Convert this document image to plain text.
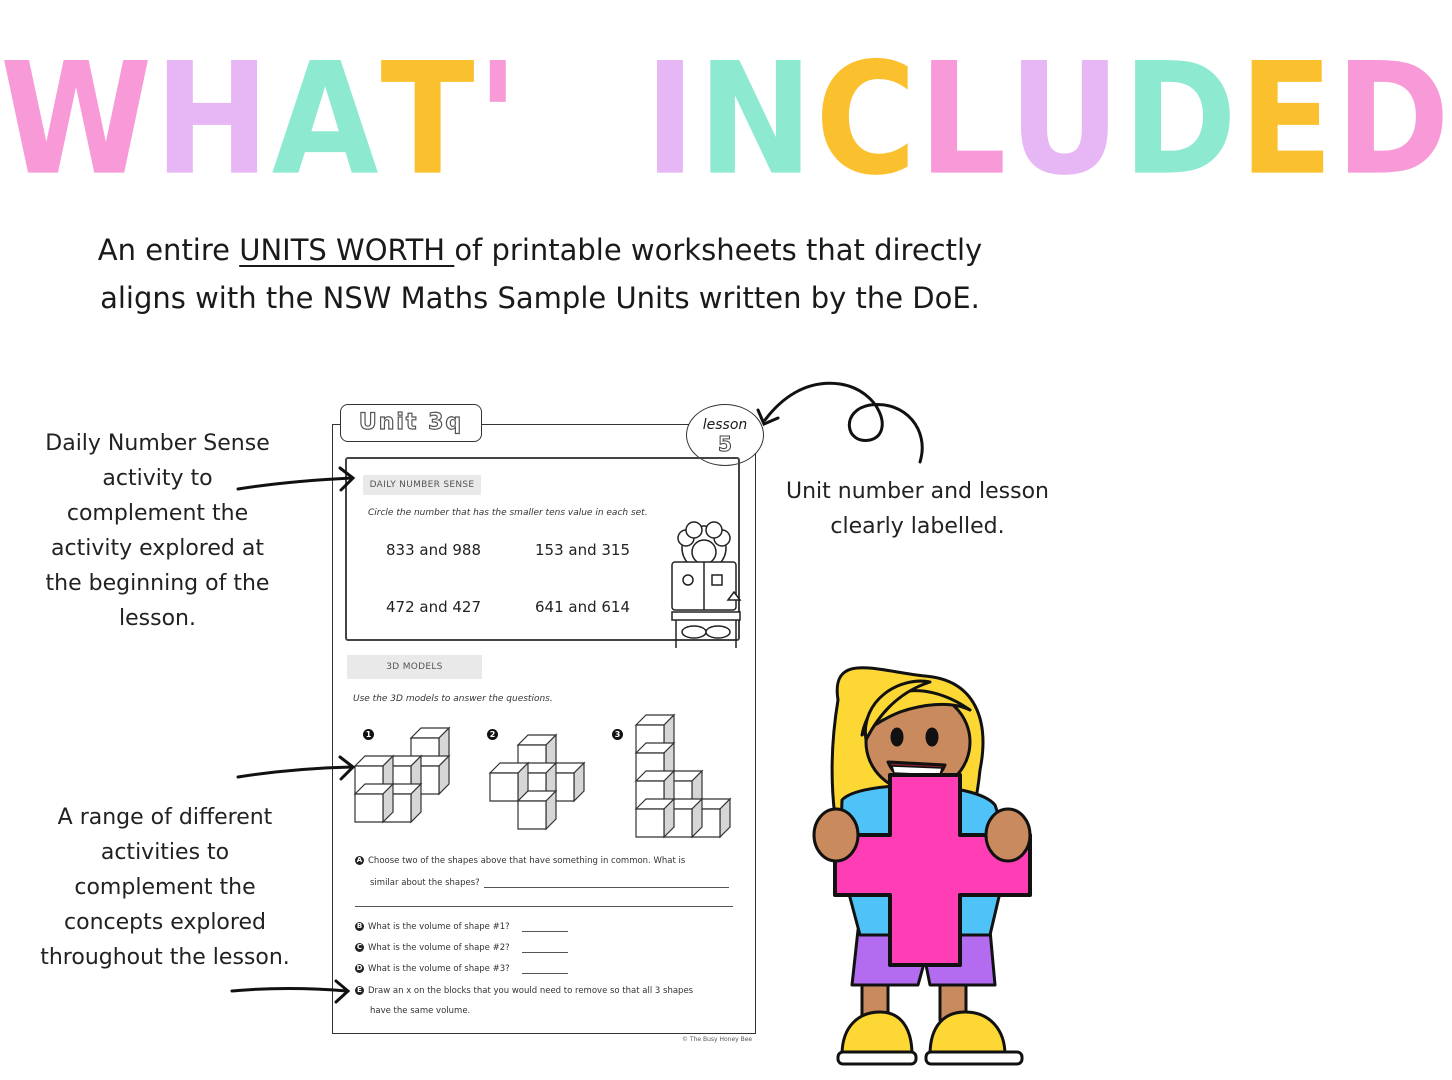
WHAT'S INCLUDED
An entire UNITS WORTH of printable worksheets that directly aligns with the NSW Maths Sample Units written by the DoE.
Daily Number Sense activity to complement the activity explored at the beginning of the lesson.
Unit number and lesson clearly labelled.
A range of different activities to complement the concepts explored throughout the lesson.
Unit 3q	lesson
5
DAILY NUMBER SENSE
Circle the number that has the smaller tens value in each set.
833 and 988	153 and 315
472 and 427	641 and 614
3D MODELS
Use the 3D models to answer the questions.
1	2	3
A Choose two of the shapes above that have something in common. What is
similar about the shapes?
B What is the volume of shape #1?
C What is the volume of shape #2?
D What is the volume of shape #3?
E Draw an x on the blocks that you would need to remove so that all 3 shapes
have the same volume.
© The Busy Honey Bee
